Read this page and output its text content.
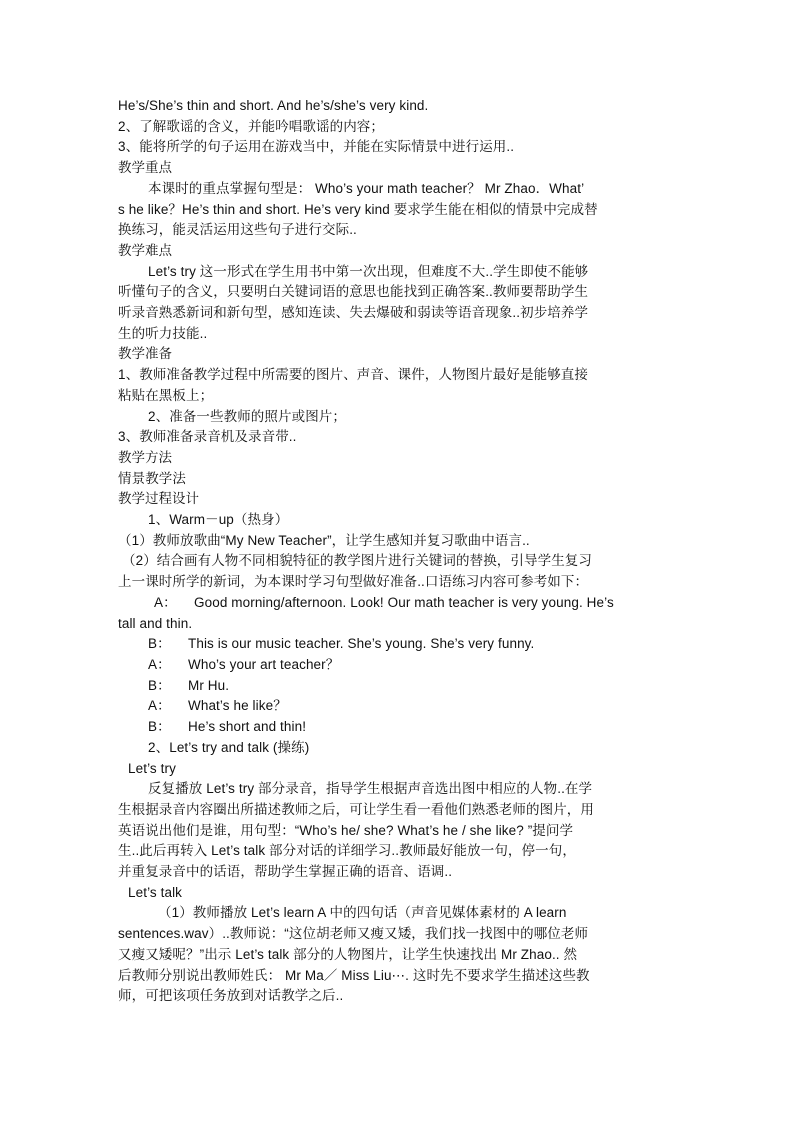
He’s/She’s thin and short. And he’s/she’s very kind.
2、了解歌谣的含义，并能吟唱歌谣的内容；
3、能将所学的句子运用在游戏当中，并能在实际情景中进行运用..
教学重点
本课时的重点掌握句型是： Who’s your math teacher？ Mr Zhao．What’
s he like？He’s thin and short. He’s very kind 要求学生能在相似的情景中完成替
换练习，能灵活运用这些句子进行交际..
教学难点
Let’s try 这一形式在学生用书中第一次出现，但难度不大..学生即使不能够
听懂句子的含义，只要明白关键词语的意思也能找到正确答案..教师要帮助学生
听录音熟悉新词和新句型，感知连读、失去爆破和弱读等语音现象..初步培养学
生的听力技能..
教学准备
1、教师准备教学过程中所需要的图片、声音、课件，人物图片最好是能够直接
粘贴在黑板上；
2、准备一些教师的照片或图片；
3、教师准备录音机及录音带..
教学方法
情景教学法
教学过程设计
1、Warm－up（热身）
（1）教师放歌曲“My New Teacher”，让学生感知并复习歌曲中语言..
（2）结合画有人物不同相貌特征的教学图片进行关键词的替换，引导学生复习
上一课时所学的新词，为本课时学习句型做好准备..口语练习内容可参考如下：
A：	Good morning/afternoon. Look! Our math teacher is very young. He’s
tall and thin.
B：	This is our music teacher. She’s young. She’s very funny.
A：	Who’s your art teacher？
B：	Mr Hu.
A：	What’s he like？
B：	He’s short and thin!
2、Let’s try and talk (操练)
Let’s try
反复播放 Let’s try 部分录音，指导学生根据声音选出图中相应的人物..在学
生根据录音内容圈出所描述教师之后，可让学生看一看他们熟悉老师的图片，用
英语说出他们是谁，用句型：“Who’s he/ she? What’s he / she like? ”提问学
生..此后再转入 Let’s talk 部分对话的详细学习..教师最好能放一句，停一句，
并重复录音中的话语，帮助学生掌握正确的语音、语调..
Let’s talk
（1）教师播放 Let’s learn A 中的四句话（声音见媒体素材的 A learn
sentences.wav）..教师说：“这位胡老师又瘦又矮，我们找一找图中的哪位老师
又瘦又矮呢？”出示 Let’s talk 部分的人物图片，让学生快速找出 Mr Zhao.. 然
后教师分别说出教师姓氏： Mr Ma／ Miss Liu⋯. 这时先不要求学生描述这些教
师，可把该项任务放到对话教学之后..
